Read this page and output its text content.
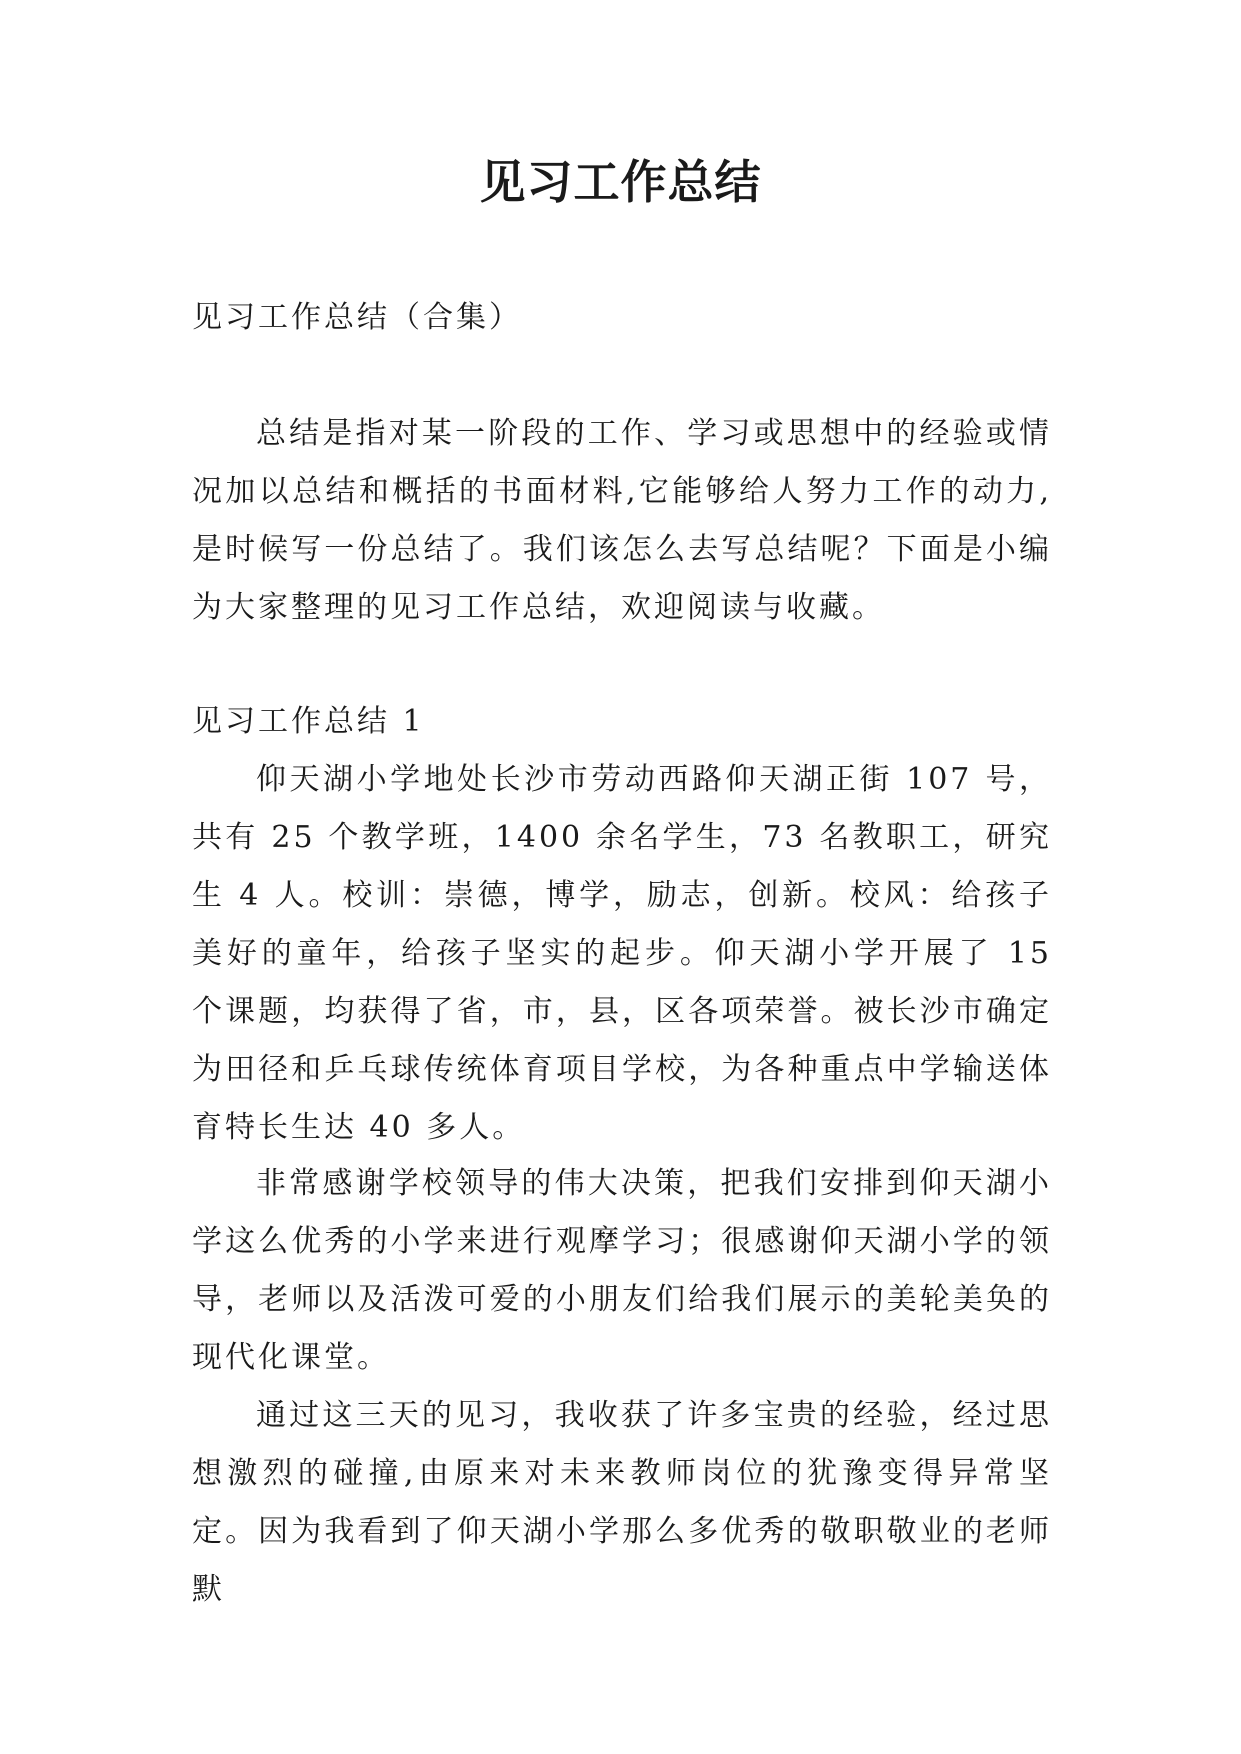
见习工作总结

见习工作总结（合集）

总结是指对某一阶段的工作、学习或思想中的经验或情况加以总结和概括的书面材料,它能够给人努力工作的动力,是时候写一份总结了。我们该怎么去写总结呢？下面是小编为大家整理的见习工作总结，欢迎阅读与收藏。

见习工作总结 1

仰天湖小学地处长沙市劳动西路仰天湖正街 107 号，共有 25 个教学班，1400 余名学生，73 名教职工，研究生 4 人。校训：崇德，博学，励志，创新。校风：给孩子美好的童年，给孩子坚实的起步。仰天湖小学开展了 15 个课题，均获得了省，市，县，区各项荣誉。被长沙市确定为田径和乒乓球传统体育项目学校，为各种重点中学输送体育特长生达 40 多人。

非常感谢学校领导的伟大决策，把我们安排到仰天湖小学这么优秀的小学来进行观摩学习；很感谢仰天湖小学的领导，老师以及活泼可爱的小朋友们给我们展示的美轮美奂的现代化课堂。

通过这三天的见习，我收获了许多宝贵的经验，经过思想激烈的碰撞,由原来对未来教师岗位的犹豫变得异常坚定。因为我看到了仰天湖小学那么多优秀的敬职敬业的老师默
